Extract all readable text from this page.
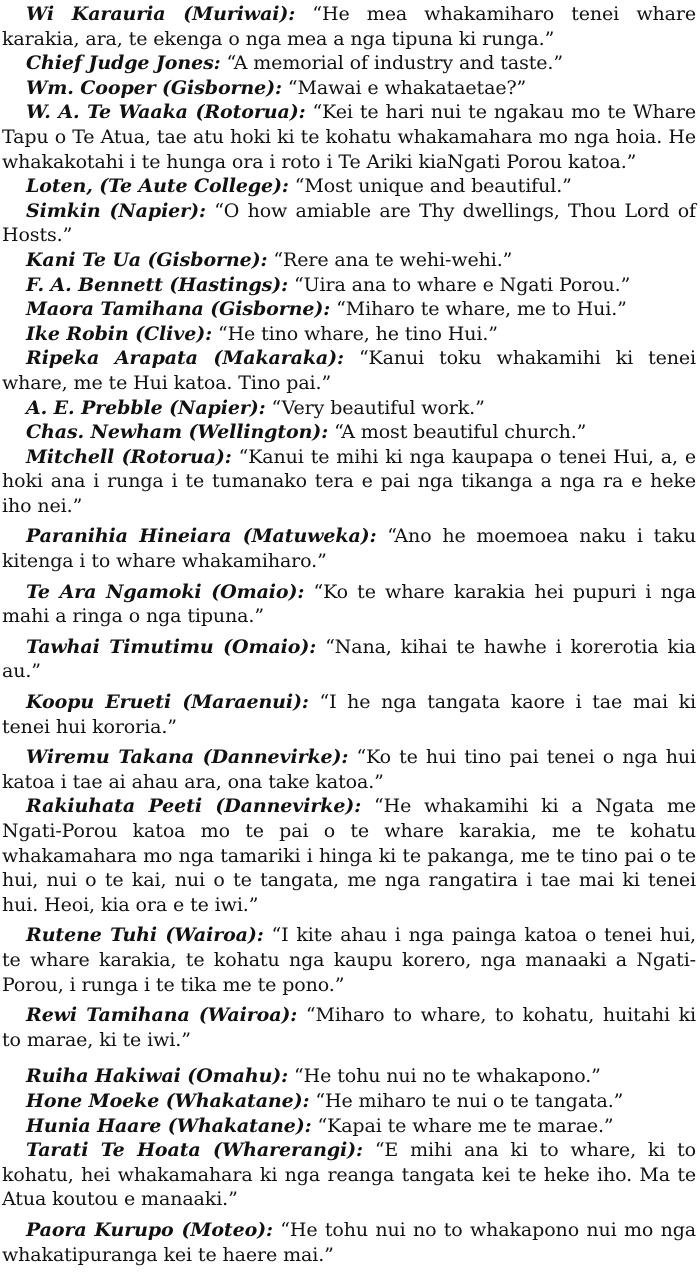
Wi Karauria (Muriwai): “He mea whakamiharo tenei whare karakia, ara, te ekenga o nga mea a nga tipuna ki runga.”

Chief Judge Jones: “A memorial of industry and taste.”

Wm. Cooper (Gisborne): “Mawai e whakataetae?”

W. A. Te Waaka (Rotorua): “Kei te hari nui te ngakau mo te Whare Tapu o Te Atua, tae atu hoki ki te kohatu whakamahara mo nga hoia. He whakakotahi i te hunga ora i roto i Te Ariki kiaNgati Porou katoa.”

Loten, (Te Aute College): “Most unique and beautiful.”

Simkin (Napier): “O how amiable are Thy dwellings, Thou Lord of Hosts.”

Kani Te Ua (Gisborne): “Rere ana te wehi-wehi.”

F. A. Bennett (Hastings): “Uira ana to whare e Ngati Porou.”

Maora Tamihana (Gisborne): “Miharo te whare, me to Hui.”

Ike Robin (Clive): “He tino whare, he tino Hui.”

Ripeka Arapata (Makaraka): “Kanui toku whakamihi ki tenei whare, me te Hui katoa. Tino pai.”

A. E. Prebble (Napier): “Very beautiful work.”

Chas. Newham (Wellington): “A most beautiful church.”

Mitchell (Rotorua): “Kanui te mihi ki nga kaupapa o tenei Hui, a, e hoki ana i runga i te tumanako tera e pai nga tikanga a nga ra e heke iho nei.”

Paranihia Hineiara (Matuweka): “Ano he moemoea naku i taku kitenga i to whare whakamiharo.”

Te Ara Ngamoki (Omaio): “Ko te whare karakia hei pupuri i nga mahi a ringa o nga tipuna.”

Tawhai Timutimu (Omaio): “Nana, kihai te hawhe i korerotia kia au.”

Koopu Erueti (Maraenui): “I he nga tangata kaore i tae mai ki tenei hui kororia.”

Wiremu Takana (Dannevirke): “Ko te hui tino pai tenei o nga hui katoa i tae ai ahau ara, ona take katoa.”

Rakiuhata Peeti (Dannevirke): “He whakamihi ki a Ngata me Ngati-Porou katoa mo te pai o te whare karakia, me te kohatu whakamahara mo nga tamariki i hinga ki te pakanga, me te tino pai o te hui, nui o te kai, nui o te tangata, me nga rangatira i tae mai ki tenei hui. Heoi, kia ora e te iwi.”

Rutene Tuhi (Wairoa): “I kite ahau i nga painga katoa o tenei hui, te whare karakia, te kohatu nga kaupu korero, nga manaaki a Ngati-Porou, i runga i te tika me te pono.”

Rewi Tamihana (Wairoa): “Miharo to whare, to kohatu, huitahi ki to marae, ki te iwi.”

Ruiha Hakiwai (Omahu): “He tohu nui no te whakapono.”

Hone Moeke (Whakatane): “He miharo te nui o te tangata.”

Hunia Haare (Whakatane): “Kapai te whare me te marae.”

Tarati Te Hoata (Wharerangi): “E mihi ana ki to whare, ki to kohatu, hei whakamahara ki nga reanga tangata kei te heke iho. Ma te Atua koutou e manaaki.”

Paora Kurupo (Moteo): “He tohu nui no to whakapono nui mo nga whakatipuranga kei te haere mai.”
